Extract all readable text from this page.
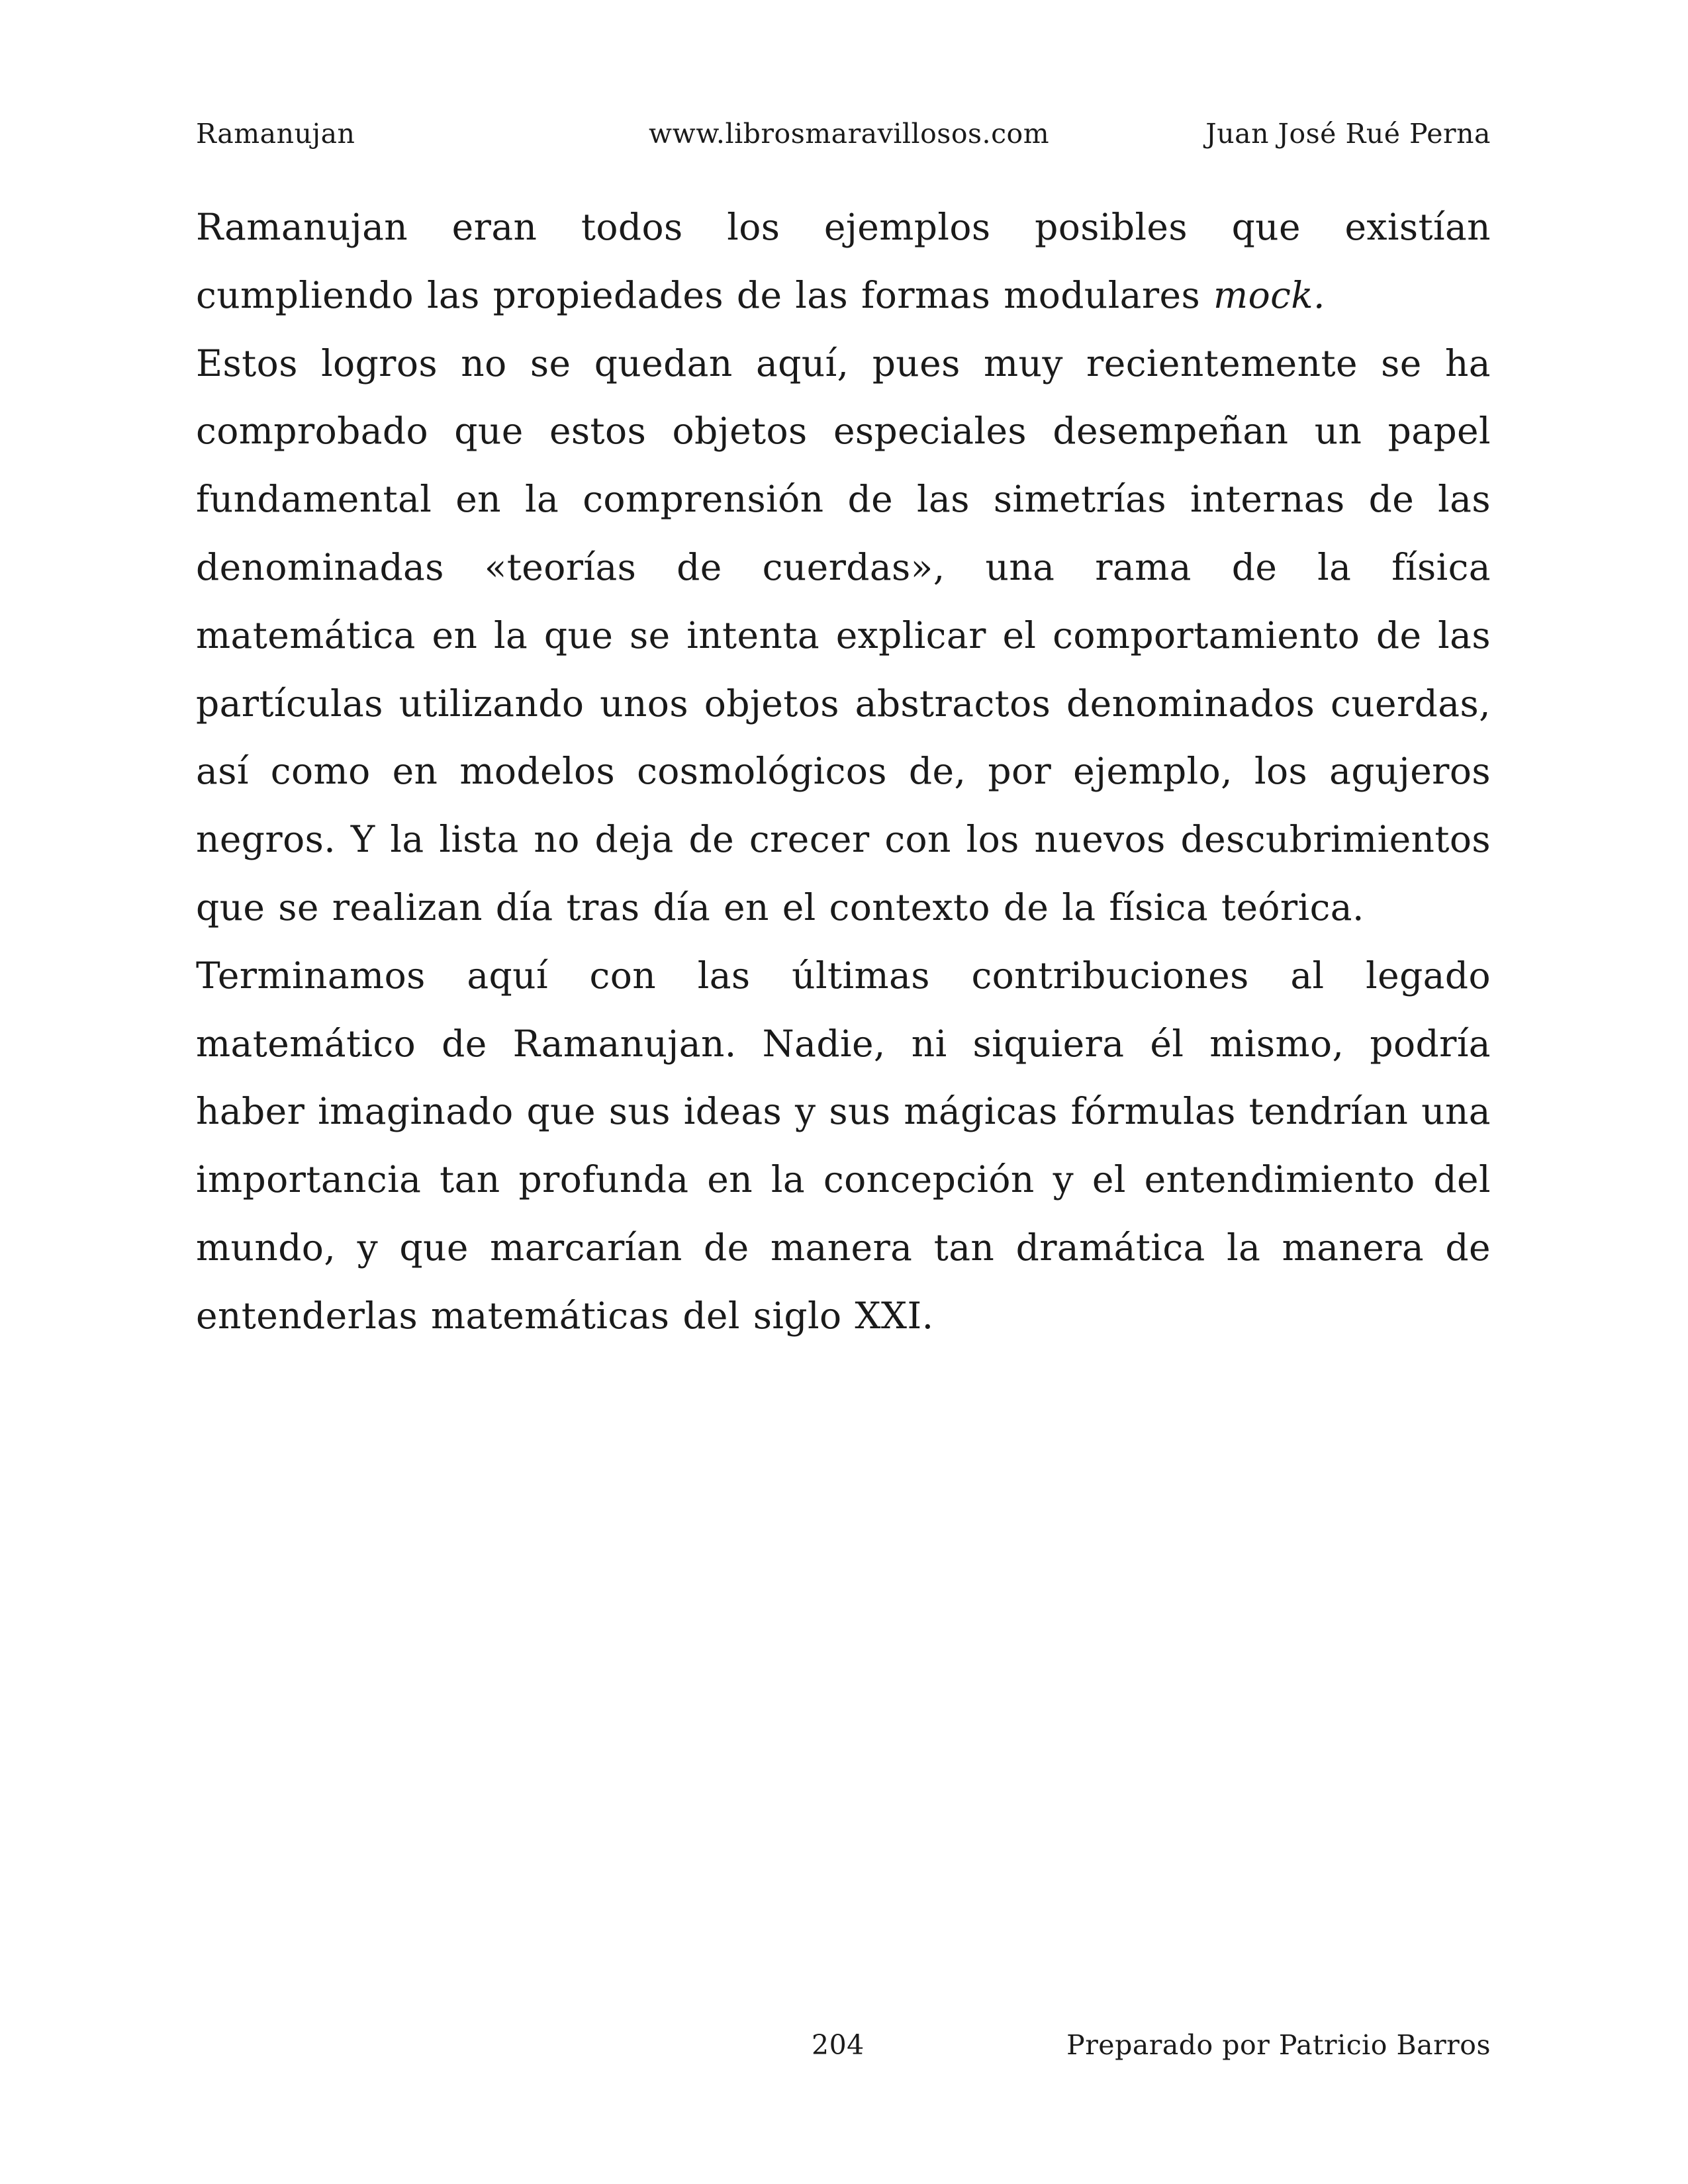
Ramanujan	www.librosmaravillosos.com	Juan José Rué Perna

Ramanujan eran todos los ejemplos posibles que existían cumpliendo las propiedades de las formas modulares mock.

Estos logros no se quedan aquí, pues muy recientemente se ha comprobado que estos objetos especiales desempeñan un papel fundamental en la comprensión de las simetrías internas de las denominadas «teorías de cuerdas», una rama de la física matemática en la que se intenta explicar el comportamiento de las partículas utilizando unos objetos abstractos denominados cuerdas, así como en modelos cosmológicos de, por ejemplo, los agujeros negros. Y la lista no deja de crecer con los nuevos descubrimientos que se realizan día tras día en el contexto de la física teórica.

Terminamos aquí con las últimas contribuciones al legado matemático de Ramanujan. Nadie, ni siquiera él mismo, podría haber imaginado que sus ideas y sus mágicas fórmulas tendrían una importancia tan profunda en la concepción y el entendimiento del mundo, y que marcarían de manera tan dramática la manera de entenderlas matemáticas del siglo XXI.

204	Preparado por Patricio Barros
